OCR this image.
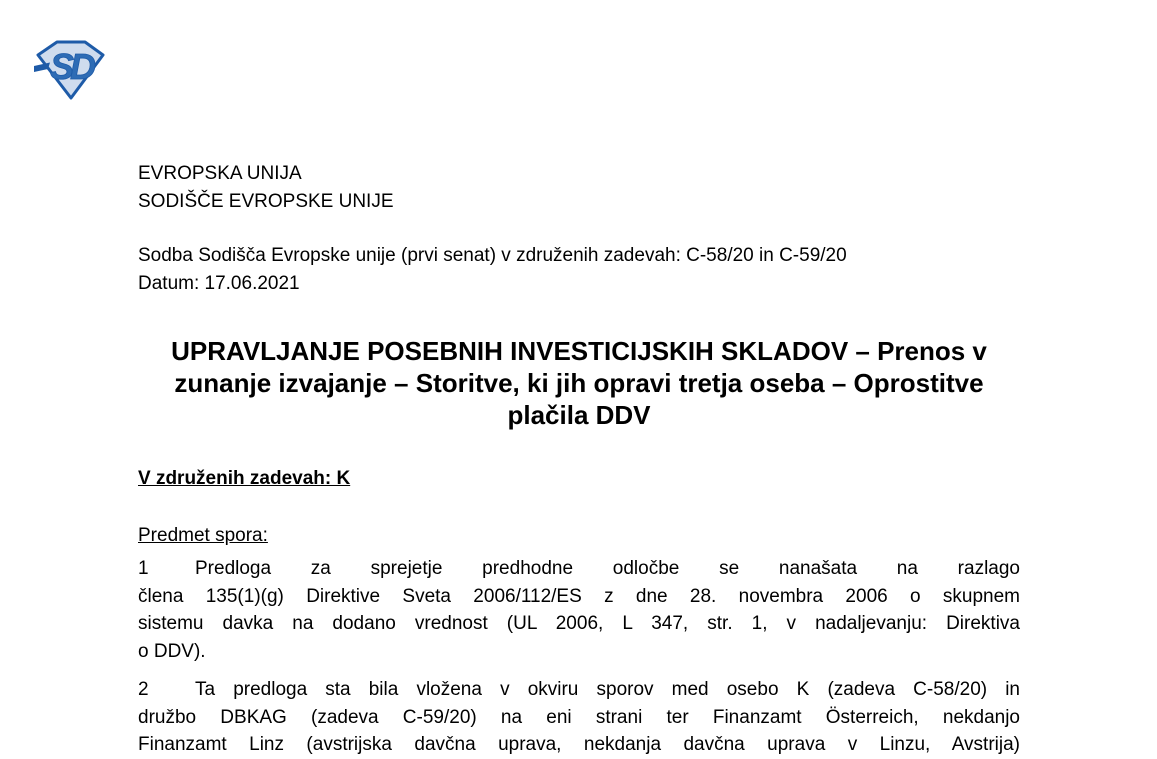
SD
EVROPSKA UNIJA
SODIŠČE EVROPSKE UNIJE
Sodba Sodišča Evropske unije (prvi senat) v združenih zadevah: C-58/20 in C-59/20
Datum: 17.06.2021
UPRAVLJANJE POSEBNIH INVESTICIJSKIH SKLADOV – Prenos v
zunanje izvajanje – Storitve, ki jih opravi tretja oseba – Oprostitve
plačila DDV
V združenih zadevah: K
Predmet spora:
1 Predloga za sprejetje predhodne odločbe se nanašata na razlago
člena 135(1)(g) Direktive Sveta 2006/112/ES z dne 28. novembra 2006 o skupnem
sistemu davka na dodano vrednost (UL 2006, L 347, str. 1, v nadaljevanju: Direktiva
o DDV).
2 Ta predloga sta bila vložena v okviru sporov med osebo K (zadeva C-58/20) in
družbo DBKAG (zadeva C-59/20) na eni strani ter Finanzamt Österreich, nekdanjo
Finanzamt Linz (avstrijska davčna uprava, nekdanja davčna uprava v Linzu, Avstrija)
